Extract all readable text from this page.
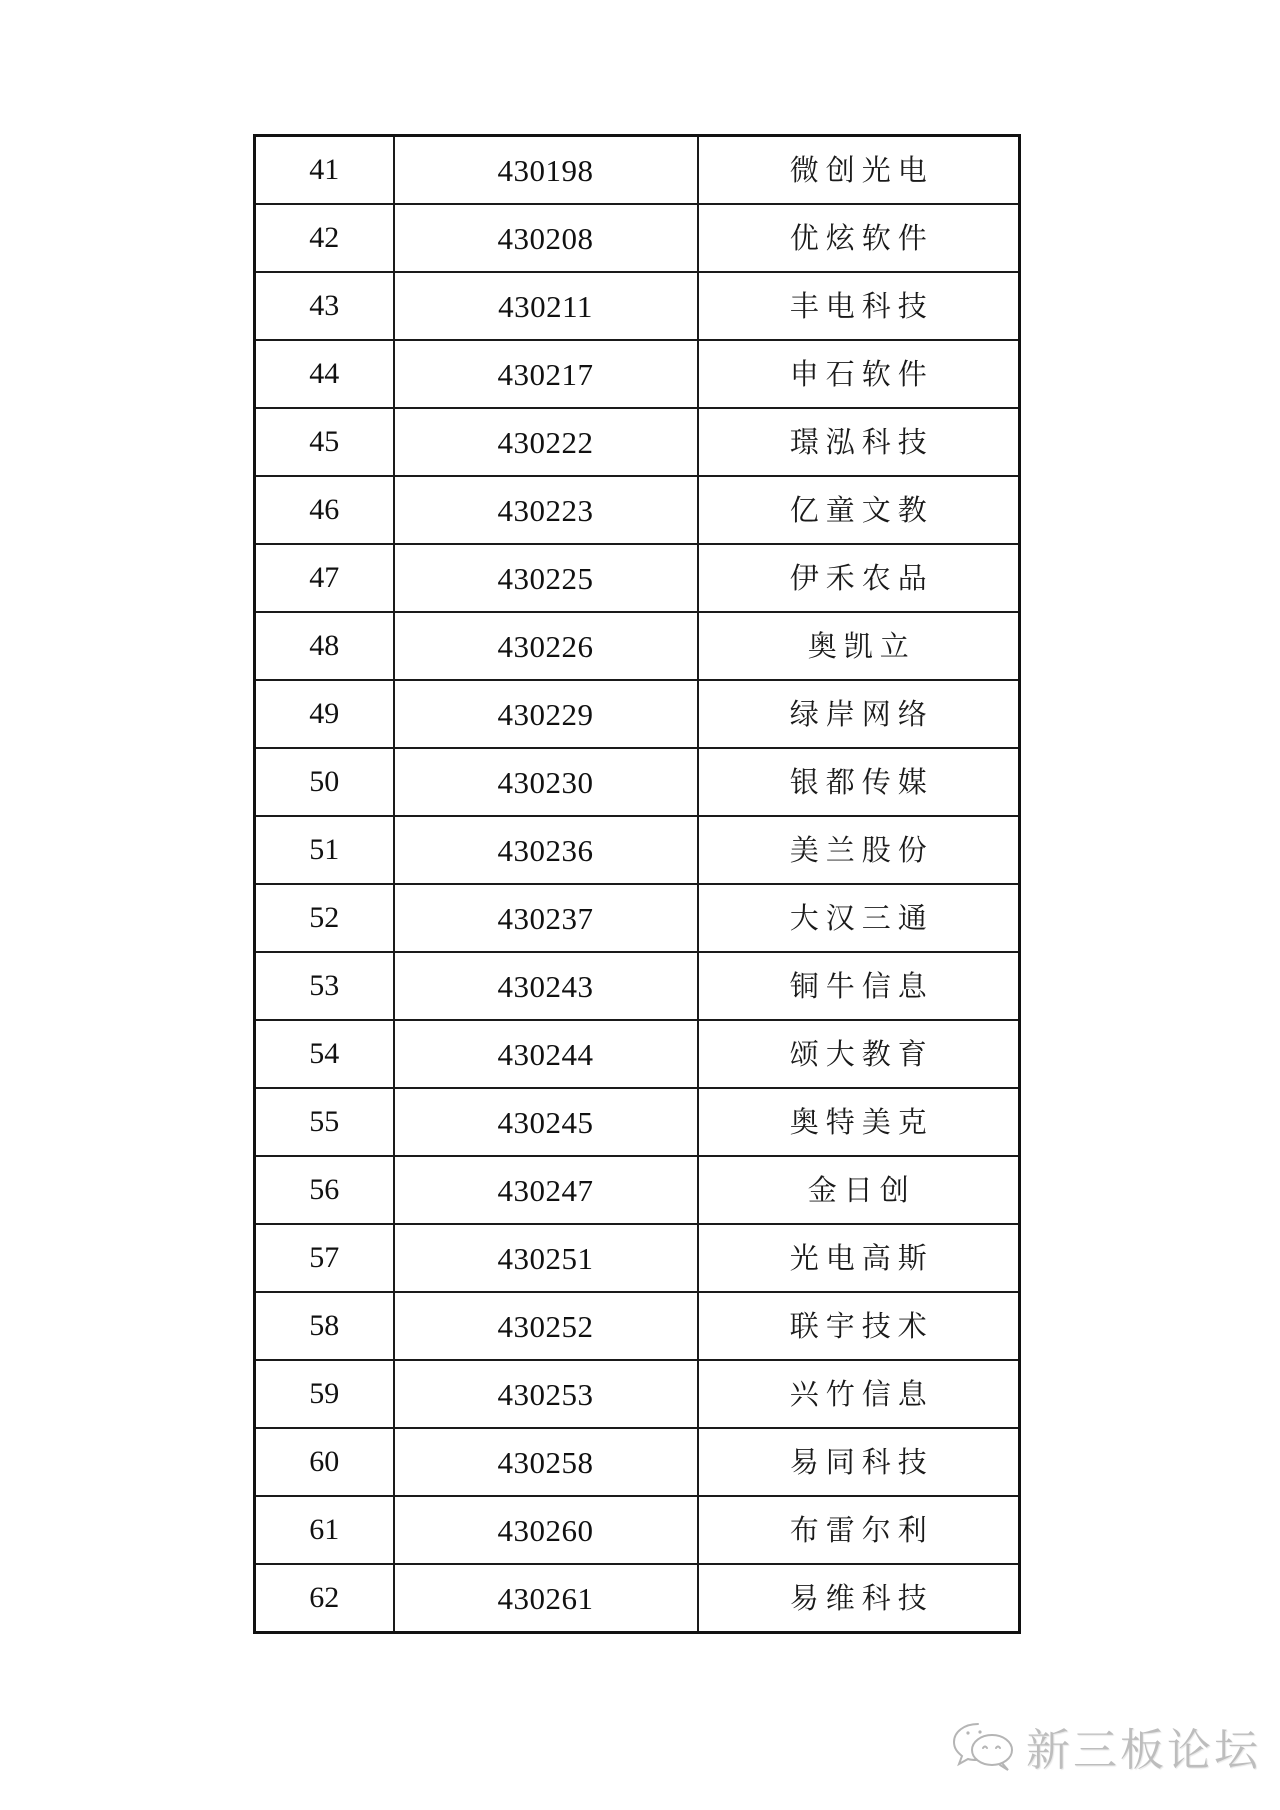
41	430198	微创光电
42	430208	优炫软件
43	430211	丰电科技
44	430217	申石软件
45	430222	璟泓科技
46	430223	亿童文教
47	430225	伊禾农品
48	430226	奥凯立
49	430229	绿岸网络
50	430230	银都传媒
51	430236	美兰股份
52	430237	大汉三通
53	430243	铜牛信息
54	430244	颂大教育
55	430245	奥特美克
56	430247	金日创
57	430251	光电高斯
58	430252	联宇技术
59	430253	兴竹信息
60	430258	易同科技
61	430260	布雷尔利
62	430261	易维科技
新三板论坛
